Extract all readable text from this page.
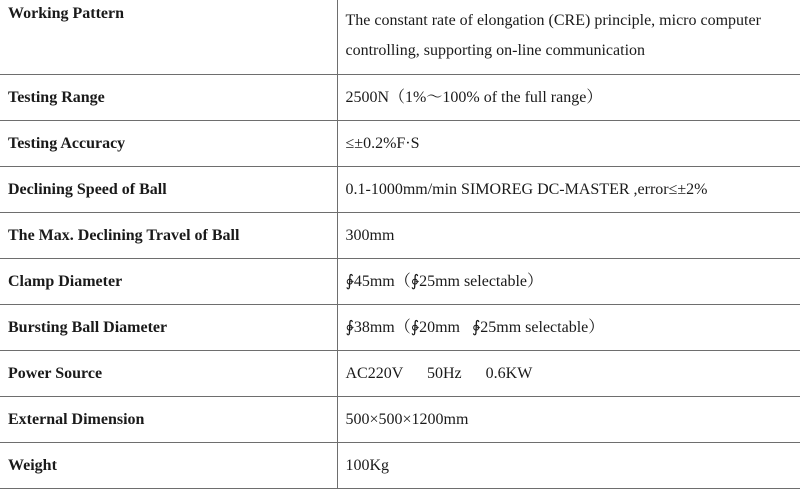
Working Pattern	The constant rate of elongation (CRE) principle, micro computer controlling, supporting on-line communication
Testing Range	2500N（1%～100% of the full range）
Testing Accuracy	≤±0.2%F·S
Declining Speed of Ball	0.1-1000mm/min SIMOREG DC-MASTER ,error≤±2%
The Max. Declining Travel of Ball	300mm
Clamp Diameter	∲45mm（∲25mm selectable）
Bursting Ball Diameter	∲38mm（∲20mm   ∲25mm selectable）
Power Source	AC220V      50Hz      0.6KW
External Dimension	500×500×1200mm
Weight	100Kg
